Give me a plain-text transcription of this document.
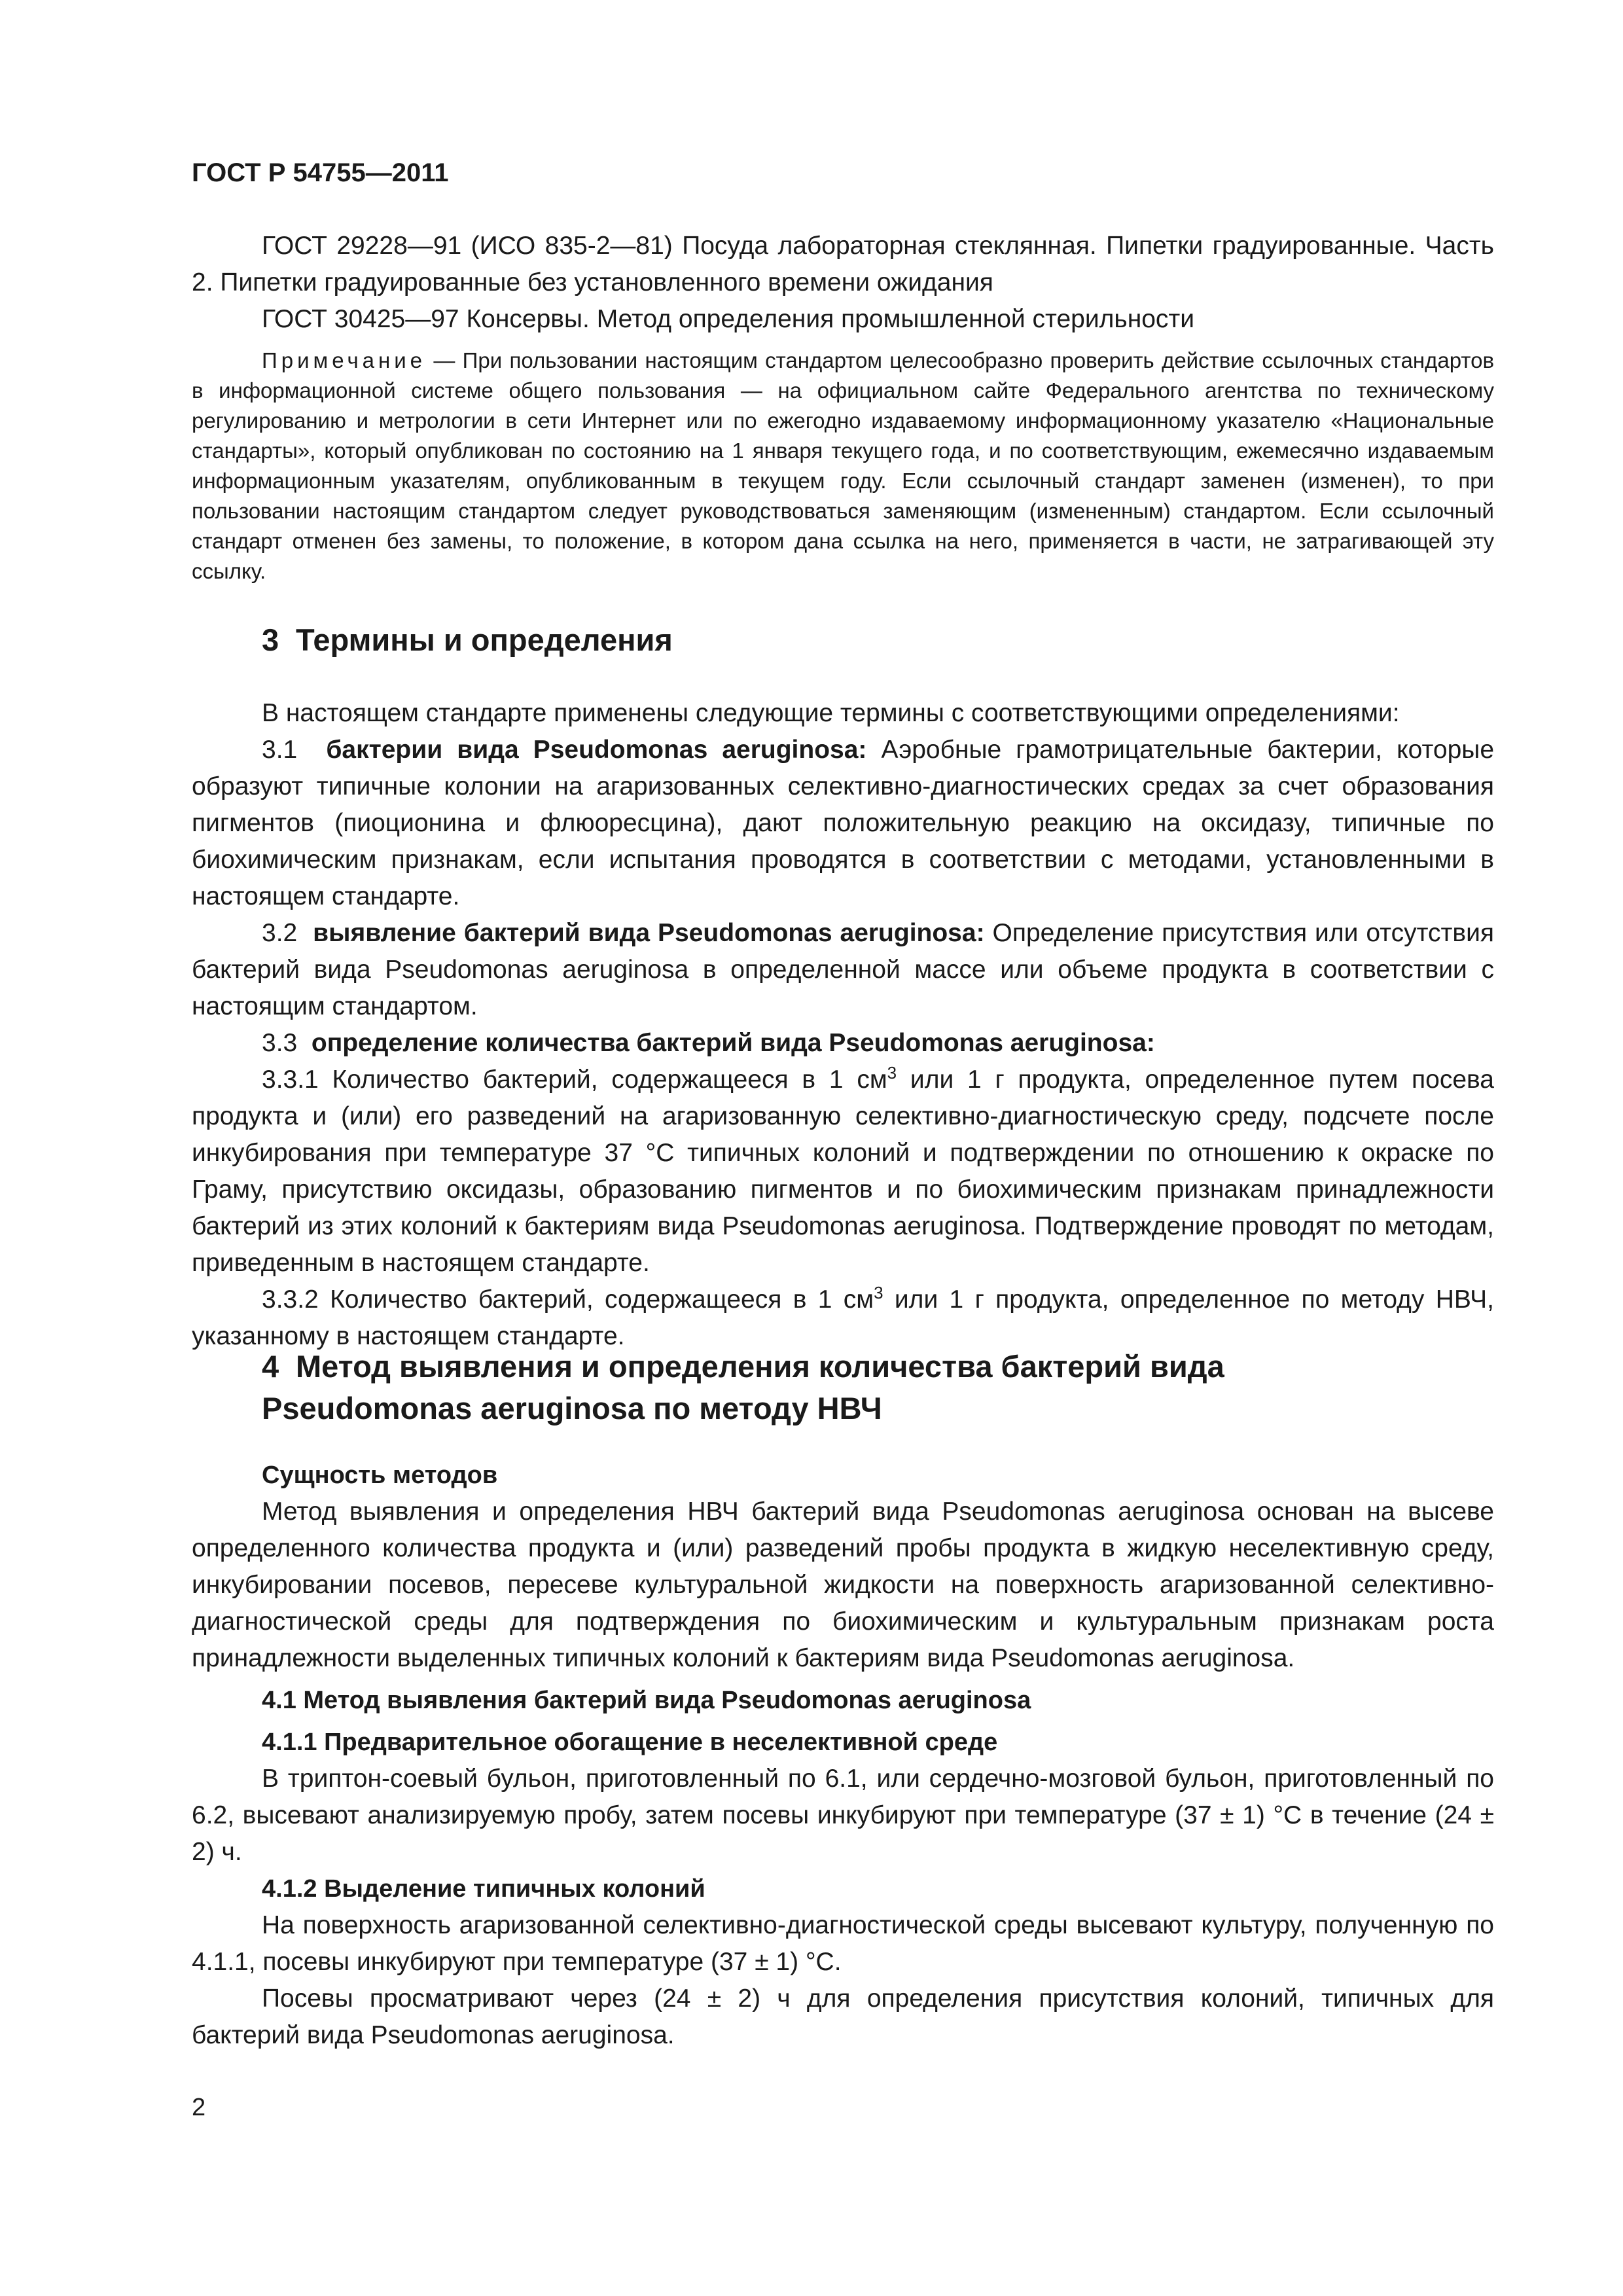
ГОСТ Р 54755—2011

ГОСТ 29228—91 (ИСО 835-2—81) Посуда лабораторная стеклянная. Пипетки градуированные. Часть 2. Пипетки градуированные без установленного времени ожидания

ГОСТ 30425—97 Консервы. Метод определения промышленной стерильности

Примечание — При пользовании настоящим стандартом целесообразно проверить действие ссылочных стандартов в информационной системе общего пользования — на официальном сайте Федерального агентства по техническому регулированию и метрологии в сети Интернет или по ежегодно издаваемому информационному указателю «Национальные стандарты», который опубликован по состоянию на 1 января текущего года, и по соответствующим, ежемесячно издаваемым информационным указателям, опубликованным в текущем году. Если ссылочный стандарт заменен (изменен), то при пользовании настоящим стандартом следует руководствоваться заменяющим (измененным) стандартом. Если ссылочный стандарт отменен без замены, то положение, в котором дана ссылка на него, применяется в части, не затрагивающей эту ссылку.

3 Термины и определения

В настоящем стандарте применены следующие термины с соответствующими определениями:

3.1 бактерии вида Pseudomonas aeruginosa: Аэробные грамотрицательные бактерии, которые образуют типичные колонии на агаризованных селективно-диагностических средах за счет образования пигментов (пиоционина и флюоресцина), дают положительную реакцию на оксидазу, типичные по биохимическим признакам, если испытания проводятся в соответствии с методами, установленными в настоящем стандарте.

3.2 выявление бактерий вида Pseudomonas aeruginosa: Определение присутствия или отсутствия бактерий вида Pseudomonas aeruginosa в определенной массе или объеме продукта в соответствии с настоящим стандартом.

3.3 определение количества бактерий вида Pseudomonas aeruginosa:

3.3.1 Количество бактерий, содержащееся в 1 $см^3$ или 1 г продукта, определенное путем посева продукта и (или) его разведений на агаризованную селективно-диагностическую среду, подсчете после инкубирования при температуре 37 °С типичных колоний и подтверждении по отношению к окраске по Граму, присутствию оксидазы, образованию пигментов и по биохимическим признакам принадлежности бактерий из этих колоний к бактериям вида Pseudomonas aeruginosa. Подтверждение проводят по методам, приведенным в настоящем стандарте.

3.3.2 Количество бактерий, содержащееся в 1 $см^3$ или 1 г продукта, определенное по методу НВЧ, указанному в настоящем стандарте.

4 Метод выявления и определения количества бактерий вида
Pseudomonas aeruginosa по методу НВЧ
Сущность методов

Метод выявления и определения НВЧ бактерий вида Pseudomonas aeruginosa основан на высеве определенного количества продукта и (или) разведений пробы продукта в жидкую неселективную среду, инкубировании посевов, пересеве культуральной жидкости на поверхность агаризованной селективно-диагностической среды для подтверждения по биохимическим и культуральным признакам роста принадлежности выделенных типичных колоний к бактериям вида Pseudomonas aeruginosa.

4.1 Метод выявления бактерий вида Pseudomonas aeruginosa
4.1.1 Предварительное обогащение в неселективной среде

В триптон-соевый бульон, приготовленный по 6.1, или сердечно-мозговой бульон, приготовленный по 6.2, высевают анализируемую пробу, затем посевы инкубируют при температуре (37 ± 1) °С в течение (24 ± 2) ч.

4.1.2 Выделение типичных колоний

На поверхность агаризованной селективно-диагностической среды высевают культуру, полученную по 4.1.1, посевы инкубируют при температуре (37 ± 1) °С.

Посевы просматривают через (24 ± 2) ч для определения присутствия колоний, типичных для бактерий вида Pseudomonas aeruginosa.

2
